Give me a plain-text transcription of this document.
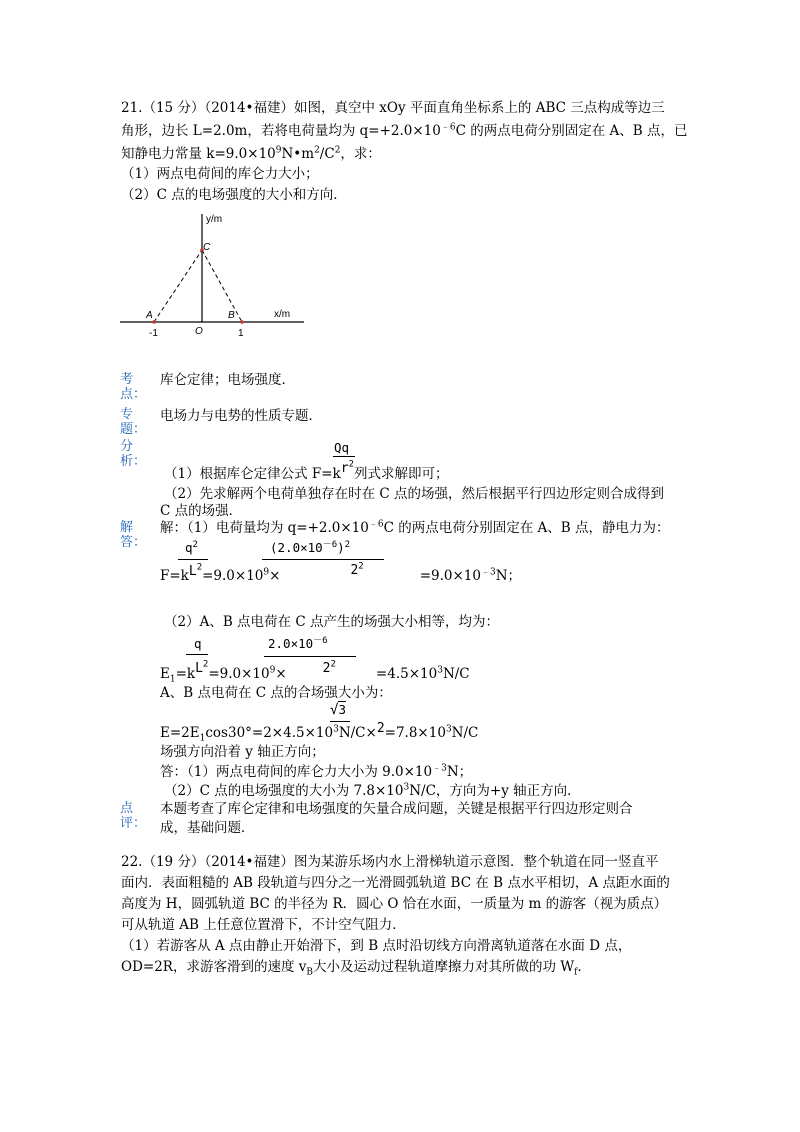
21.（15 分）（2014•福建）如图，真空中 xOy 平面直角坐标系上的 ABC 三点构成等边三
角形，边长 L=2.0m，若将电荷量均为 $q=+2.0\times 10^{﹣6}C$ 的两点电荷分别固定在 A、B 点，已
知静电力常量 $k=9.0\times 10^9N•m^2/C^2$，求：
（1）两点电荷间的库仑力大小；
（2）C 点的电场强度的大小和方向．
y/m
x/m
A	B
C
O
-1	1
考
点：
库仑定律；电场强度．
专
题：
电场力与电势的性质专题．
分
析：
Qq
（1）根据库仑定律公式 $F=kr^2$列式求解即可；
（2）先求解两个电荷单独存在时在 C 点的场强，然后根据平行四边形定则合成得到
C 点的场强．
解
答：
解：（1）电荷量均为 $q=+2.0\times 10^{﹣6}C$ 的两点电荷分别固定在 A、B 点，静电力为：
$q^2$	$(2.0\times 10^{-6})^2$
$F=kL^2=9.0\times 10^9\times$	$2^2=9.0\times 10^{﹣3}N$；
（2）A、B 点电荷在 C 点产生的场强大小相等，均为：
q	$2.0\times 10^{-6}$
$E_1=kL^2=9.0\times 10^9\times$	$2^2=4.5\times 10^3N/C$
A、B 点电荷在 C 点的合场强大小为：
√3
$E=2E_1\cos 30^\circ=2\times 4.5\times 10^3N/C\times 2=7.8\times 10^3N/C$
场强方向沿着 y 轴正方向；
答：（1）两点电荷间的库仑力大小为 $9.0\times 10^{﹣3}N$；
（2）C 点的电场强度的大小为 $7.8\times 10^3N/C$，方向为+y 轴正方向．
点
评：
本题考查了库仑定律和电场强度的矢量合成问题，关键是根据平行四边形定则合
成，基础问题．
22.（19 分）（2014•福建）图为某游乐场内水上滑梯轨道示意图．整个轨道在同一竖直平
面内．表面粗糙的 AB 段轨道与四分之一光滑圆弧轨道 BC 在 B 点水平相切，A 点距水面的
高度为 H，圆弧轨道 BC 的半径为 R．圆心 O 恰在水面，一质量为 m 的游客（视为质点）
可从轨道 AB 上任意位置滑下，不计空气阻力．
（1）若游客从 A 点由静止开始滑下，到 B 点时沿切线方向滑离轨道落在水面 D 点，
OD=2R，求游客滑到的速度 $v_B$大小及运动过程轨道摩擦力对其所做的功 $W_f$．
